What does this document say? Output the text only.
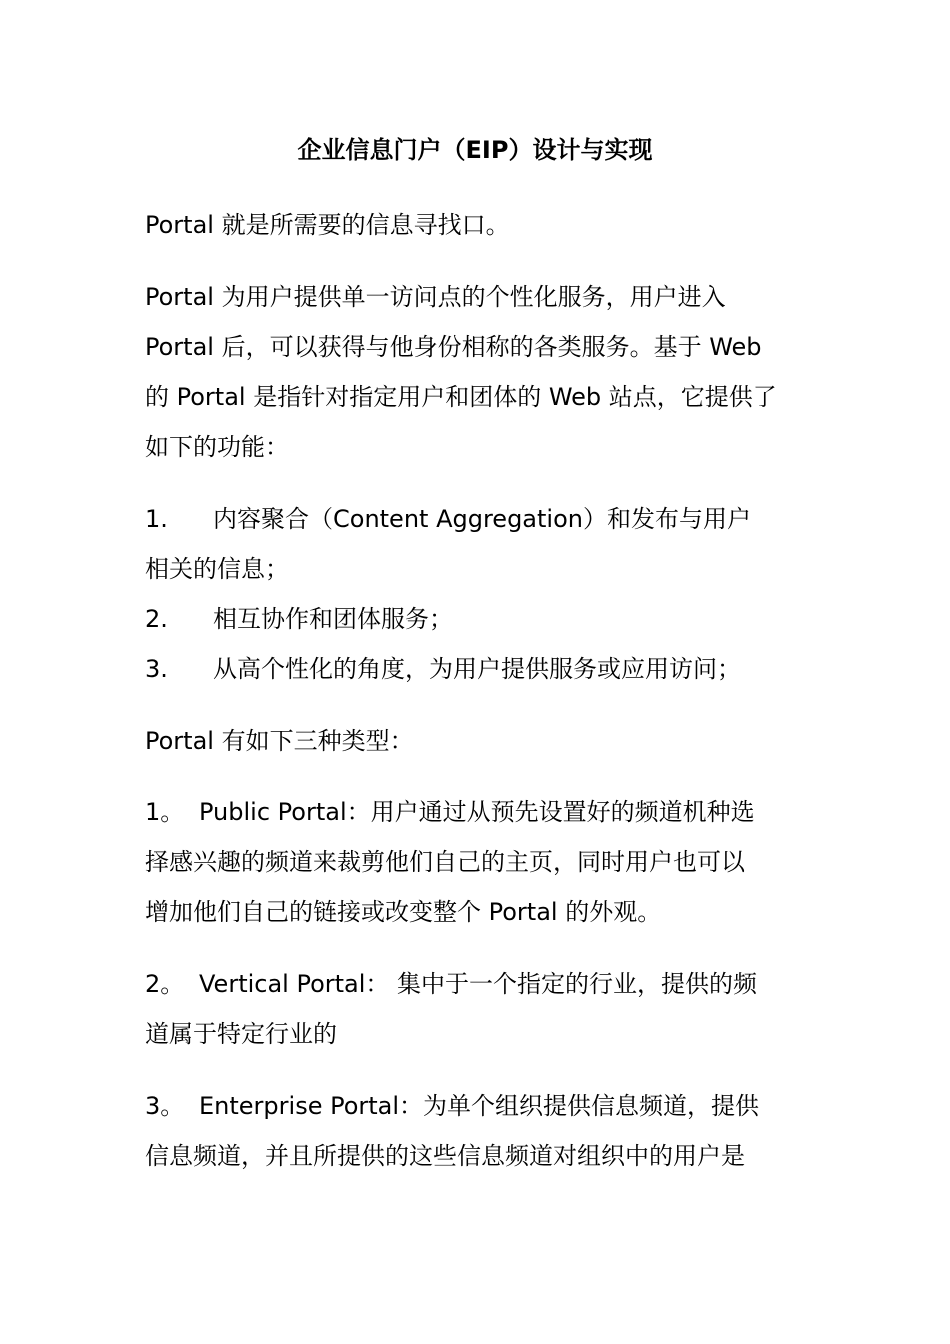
企业信息门户（EIP）设计与实现

Portal 就是所需要的信息寻找口。

Portal 为用户提供单一访问点的个性化服务，用户进入
Portal 后，可以获得与他身份相称的各类服务。基于 Web
的 Portal 是指针对指定用户和团体的 Web 站点，它提供了
如下的功能：

1. 内容聚合（Content Aggregation）和发布与用户
相关的信息；
2. 相互协作和团体服务；
3. 从高个性化的角度，为用户提供服务或应用访问；

Portal 有如下三种类型：

1。 Public Portal：用户通过从预先设置好的频道机种选
择感兴趣的频道来裁剪他们自己的主页，同时用户也可以
增加他们自己的链接或改变整个 Portal 的外观。
2。 Vertical Portal： 集中于一个指定的行业，提供的频
道属于特定行业的
3。 Enterprise Portal：为单个组织提供信息频道，提供
信息频道，并且所提供的这些信息频道对组织中的用户是
